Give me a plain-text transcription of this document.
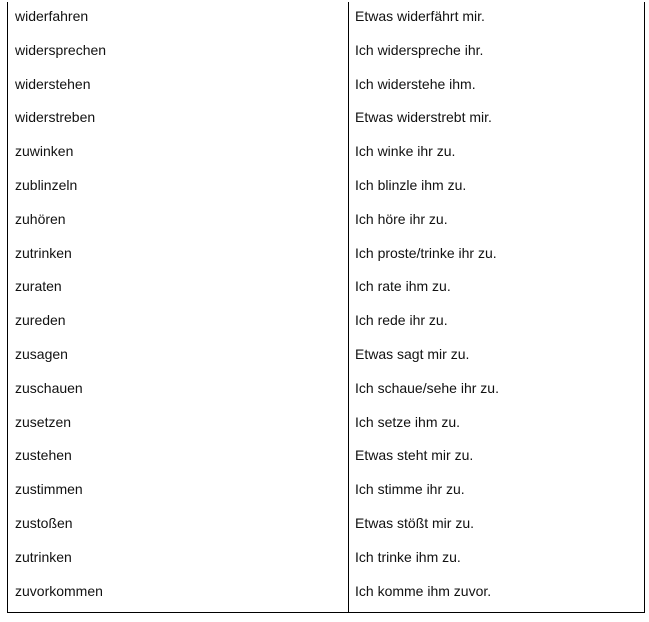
widerfahren	Etwas widerfährt mir.
widersprechen	Ich widerspreche ihr.
widerstehen	Ich widerstehe ihm.
widerstreben	Etwas widerstrebt mir.
zuwinken	Ich winke ihr zu.
zublinzeln	Ich blinzle ihm zu.
zuhören	Ich höre ihr zu.
zutrinken	Ich proste/trinke ihr zu.
zuraten	Ich rate ihm zu.
zureden	Ich rede ihr zu.
zusagen	Etwas sagt mir zu.
zuschauen	Ich schaue/sehe ihr zu.
zusetzen	Ich setze ihm zu.
zustehen	Etwas steht mir zu.
zustimmen	Ich stimme ihr zu.
zustoßen	Etwas stößt mir zu.
zutrinken	Ich trinke ihm zu.
zuvorkommen	Ich komme ihm zuvor.
